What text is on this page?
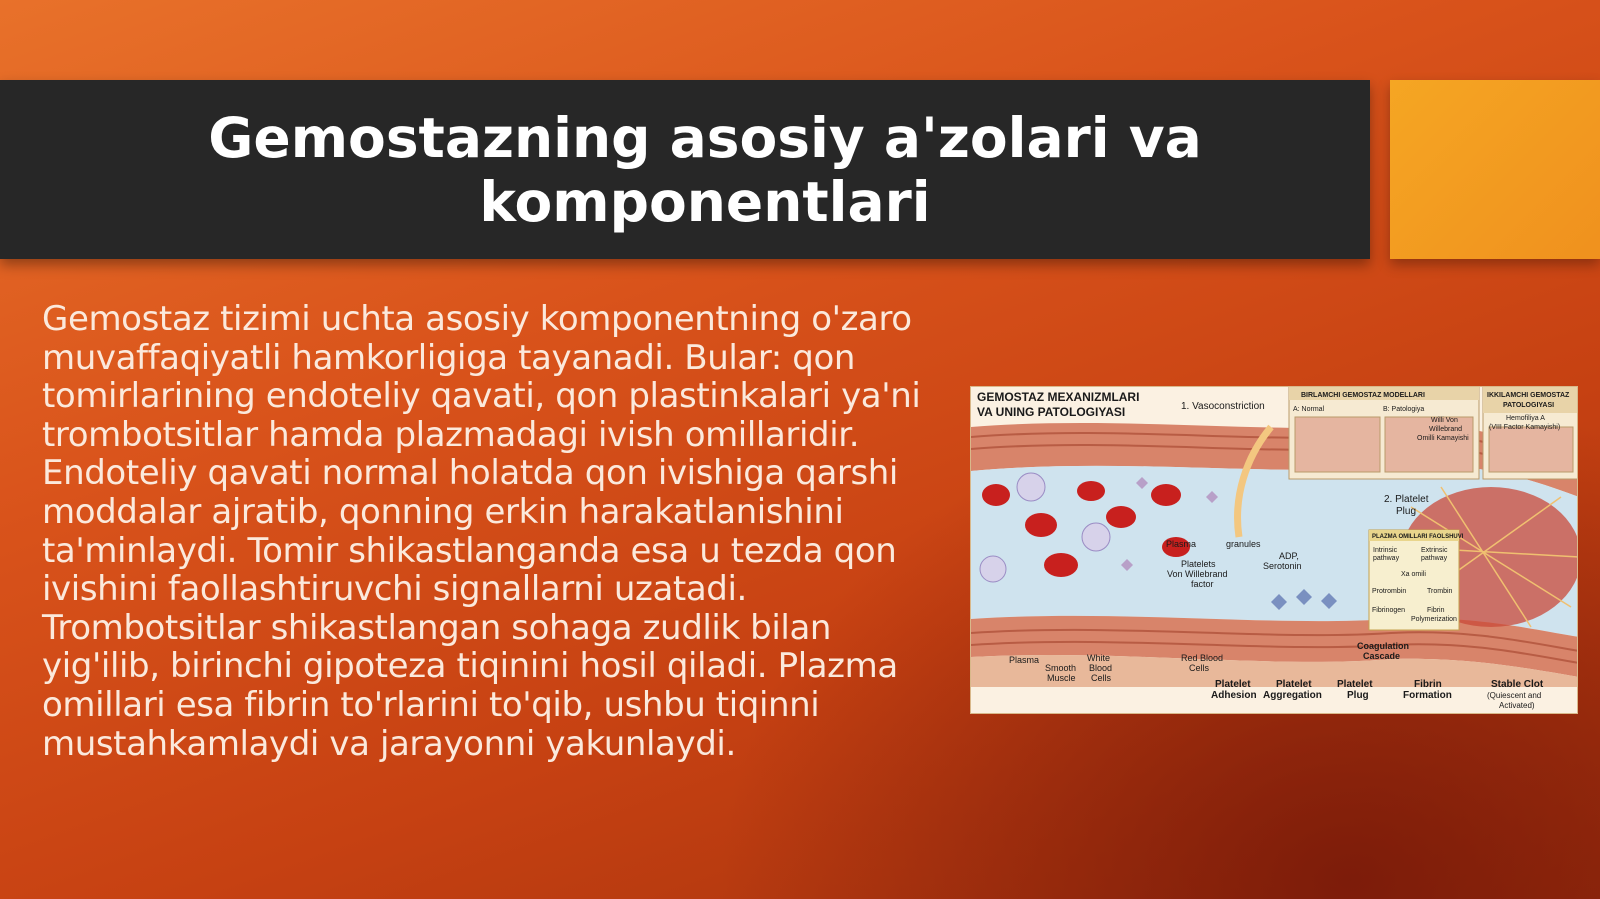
Gemostazning asosiy a'zolari va komponentlari

Gemostaz tizimi uchta asosiy komponentning o'zaro muvaffaqiyatli hamkorligiga tayanadi. Bular: qon tomirlarining endoteliy qavati, qon plastinkalari ya'ni trombotsitlar hamda plazmadagi ivish omillaridir. Endoteliy qavati normal holatda qon ivishiga qarshi moddalar ajratib, qonning erkin harakatlanishini ta'minlaydi. Tomir shikastlanganda esa u tezda qon ivishini faollashtiruvchi signallarni uzatadi. Trombotsitlar shikastlangan sohaga zudlik bilan yig'ilib, birinchi gipoteza tiqinini hosil qiladi. Plazma omillari esa fibrin to'rlarini to'qib, ushbu tiqinni mustahkamlaydi va jarayonni yakunlaydi.

GEMOSTAZ MEXANIZMLARI
VA UNING PATOLOGIYASI	1. Vasoconstriction
2. Platelet
Plug
BIRLAMCHI GEMOSTAZ MODELLARI
A: Normal	B: Patologiya
Willi Von
Willebrand
Omilli Kamayishi
IKKILAMCHI GEMOSTAZ
PATOLOGIYASI
Hemofiliya A
(VIII Factor Kamayishi)
PLAZMA OMILLARI FAOLSHUVI
Intrinsic
pathway
Extrinsic
pathway
Xa omili
Protrombin	Trombin
Fibrinogen	Fibrin
Polymerization
Plasma	granules
ADP,
Serotonin
Platelets
Von Willebrand
factor
Coagulation
Cascade
Plasma
Smooth
Muscle
White
Blood
Cells
Red Blood
Cells
Platelet
Adhesion
Platelet
Aggregation
Platelet
Plug
Fibrin
Formation
Stable Clot
(Quiescent and
Activated)
